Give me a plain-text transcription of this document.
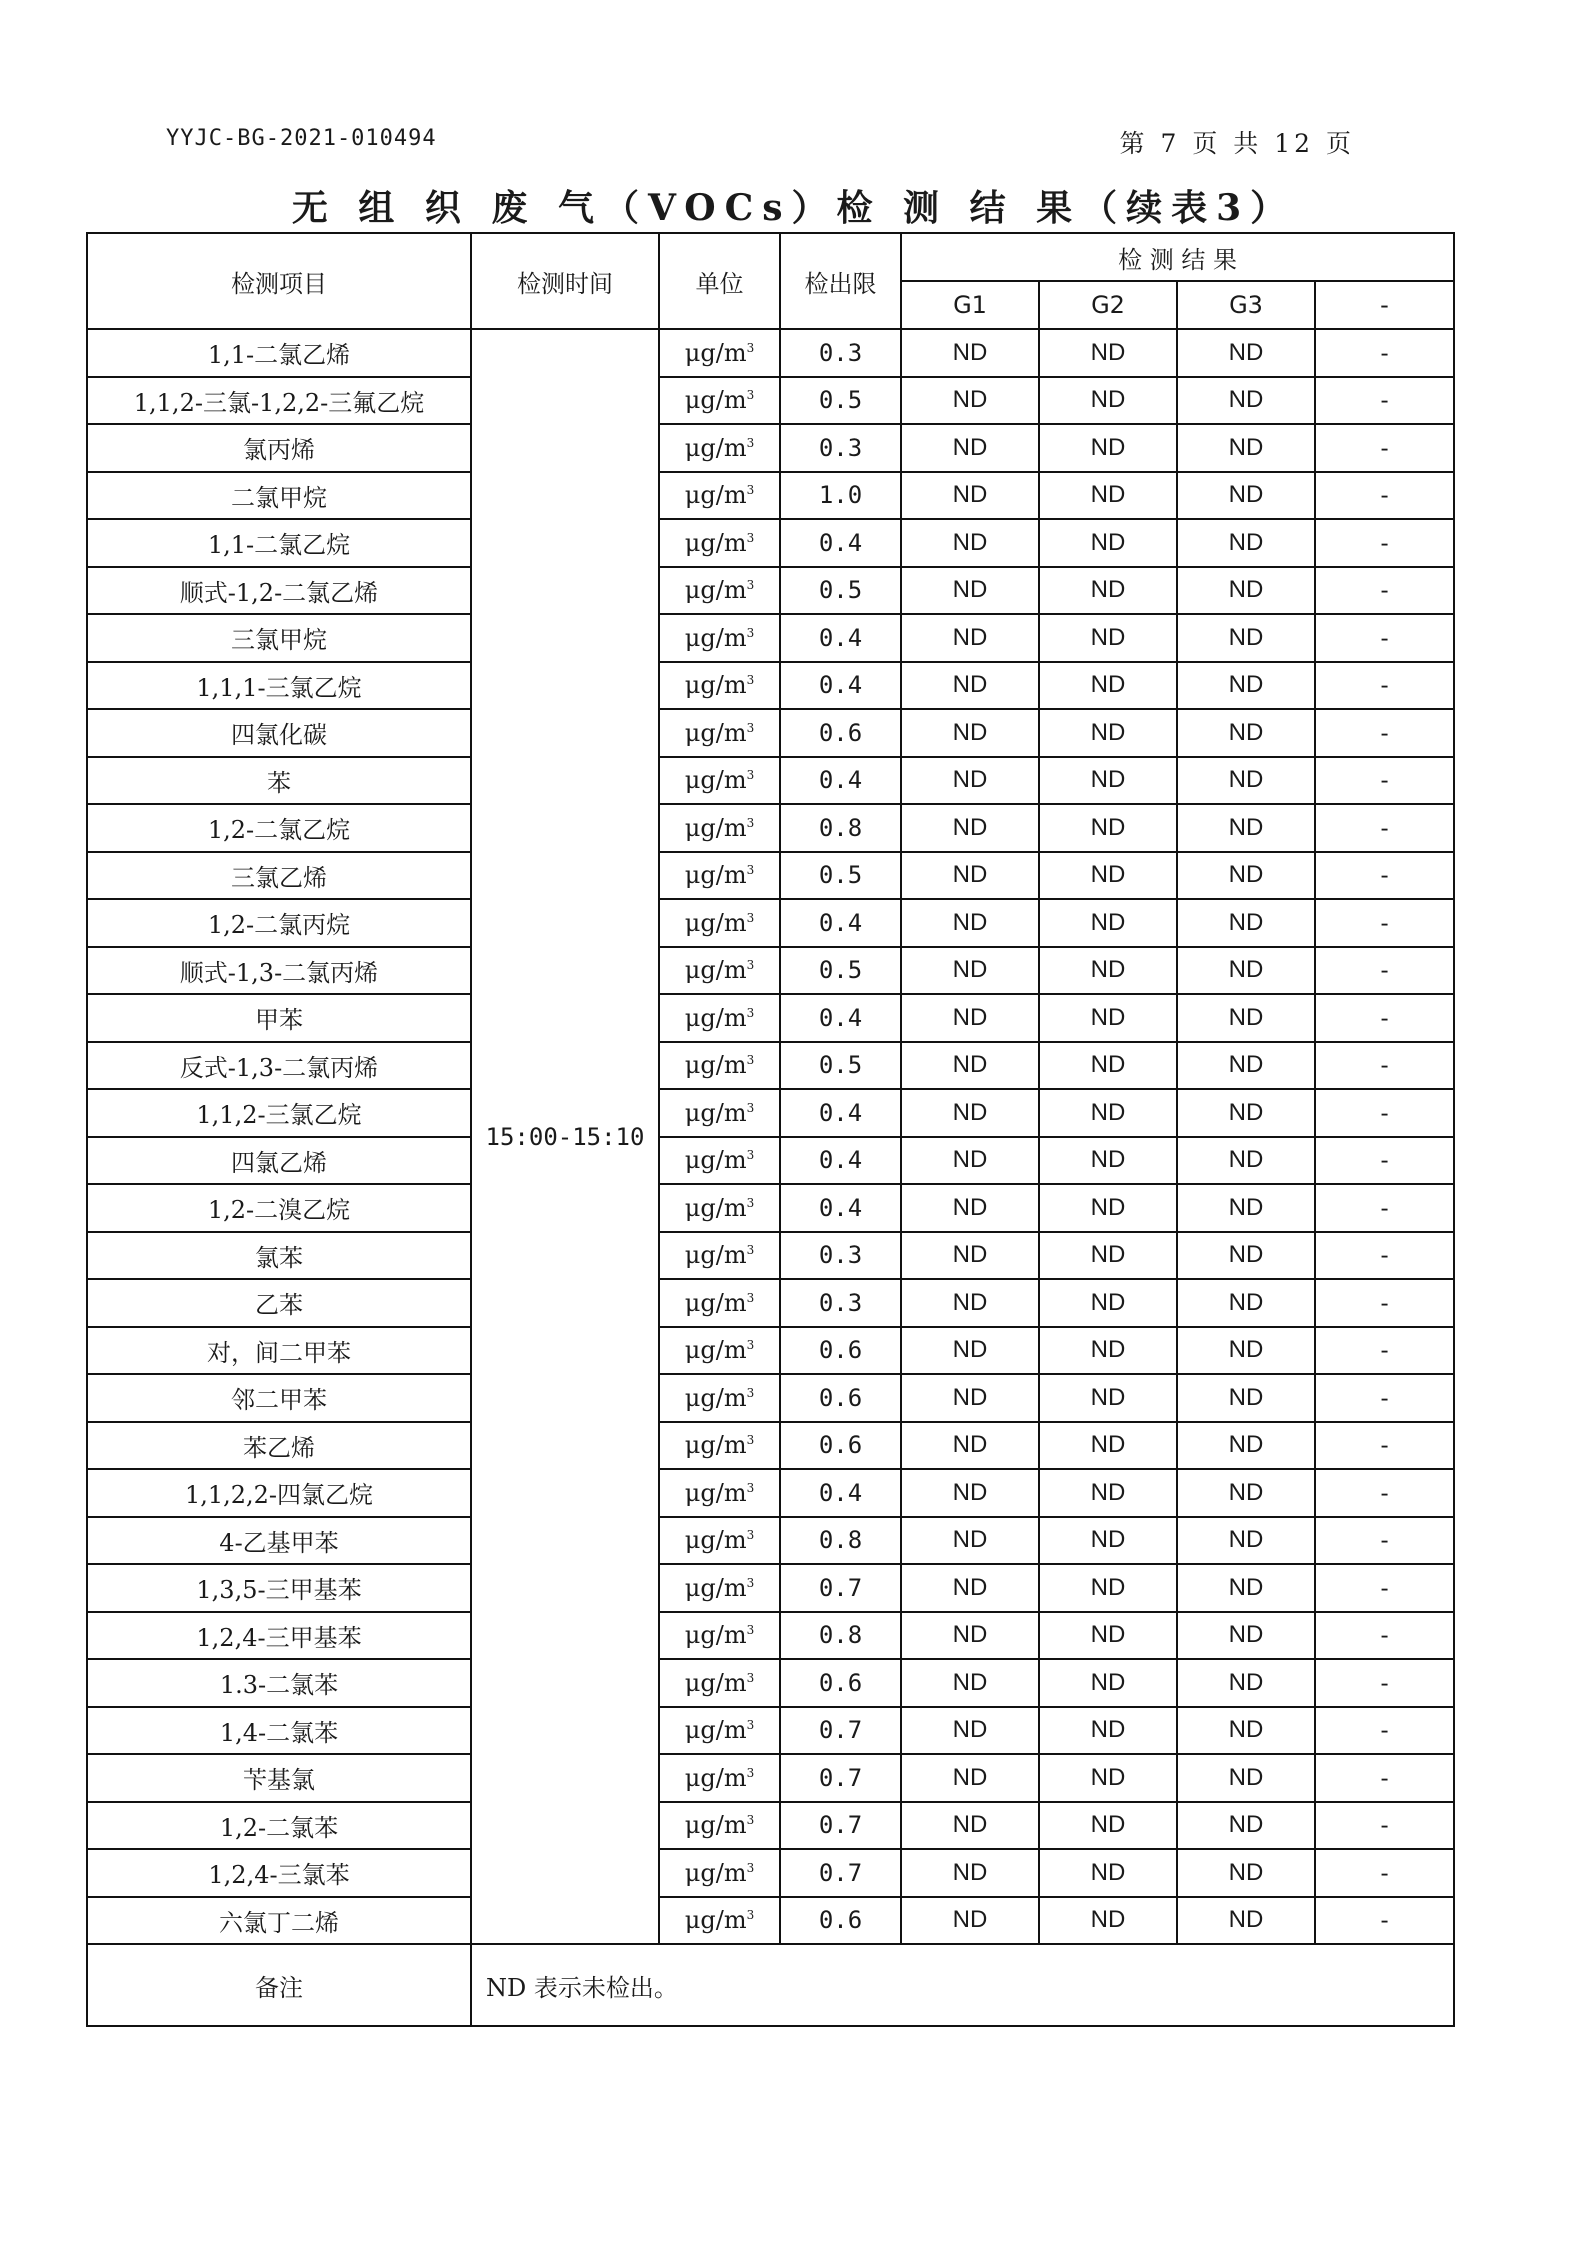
YYJC-BG-2021-010494	第 7 页 共 12 页
无 组 织 废 气（VOCs）检 测 结 果（续表3）
检测项目	检测时间	单位	检出限	检 测 结 果			
				G1	G2	G3	-
1,1-二氯乙烯	15:00-15:10	$\mu g/m^3$	0.3	ND	ND	ND	-
1,1,2-三氯-1,2,2-三氟乙烷		$\mu g/m^3$	0.5	ND	ND	ND	-
氯丙烯		$\mu g/m^3$	0.3	ND	ND	ND	-
二氯甲烷		$\mu g/m^3$	1.0	ND	ND	ND	-
1,1-二氯乙烷		$\mu g/m^3$	0.4	ND	ND	ND	-
顺式-1,2-二氯乙烯		$\mu g/m^3$	0.5	ND	ND	ND	-
三氯甲烷		$\mu g/m^3$	0.4	ND	ND	ND	-
1,1,1-三氯乙烷		$\mu g/m^3$	0.4	ND	ND	ND	-
四氯化碳		$\mu g/m^3$	0.6	ND	ND	ND	-
苯		$\mu g/m^3$	0.4	ND	ND	ND	-
1,2-二氯乙烷		$\mu g/m^3$	0.8	ND	ND	ND	-
三氯乙烯		$\mu g/m^3$	0.5	ND	ND	ND	-
1,2-二氯丙烷		$\mu g/m^3$	0.4	ND	ND	ND	-
顺式-1,3-二氯丙烯		$\mu g/m^3$	0.5	ND	ND	ND	-
甲苯		$\mu g/m^3$	0.4	ND	ND	ND	-
反式-1,3-二氯丙烯		$\mu g/m^3$	0.5	ND	ND	ND	-
1,1,2-三氯乙烷		$\mu g/m^3$	0.4	ND	ND	ND	-
四氯乙烯		$\mu g/m^3$	0.4	ND	ND	ND	-
1,2-二溴乙烷		$\mu g/m^3$	0.4	ND	ND	ND	-
氯苯		$\mu g/m^3$	0.3	ND	ND	ND	-
乙苯		$\mu g/m^3$	0.3	ND	ND	ND	-
对，间二甲苯		$\mu g/m^3$	0.6	ND	ND	ND	-
邻二甲苯		$\mu g/m^3$	0.6	ND	ND	ND	-
苯乙烯		$\mu g/m^3$	0.6	ND	ND	ND	-
1,1,2,2-四氯乙烷		$\mu g/m^3$	0.4	ND	ND	ND	-
4-乙基甲苯		$\mu g/m^3$	0.8	ND	ND	ND	-
1,3,5-三甲基苯		$\mu g/m^3$	0.7	ND	ND	ND	-
1,2,4-三甲基苯		$\mu g/m^3$	0.8	ND	ND	ND	-
1.3-二氯苯		$\mu g/m^3$	0.6	ND	ND	ND	-
1,4-二氯苯		$\mu g/m^3$	0.7	ND	ND	ND	-
苄基氯		$\mu g/m^3$	0.7	ND	ND	ND	-
1,2-二氯苯		$\mu g/m^3$	0.7	ND	ND	ND	-
1,2,4-三氯苯		$\mu g/m^3$	0.7	ND	ND	ND	-
六氯丁二烯		$\mu g/m^3$	0.6	ND	ND	ND	-
备注	ND 表示未检出。						
